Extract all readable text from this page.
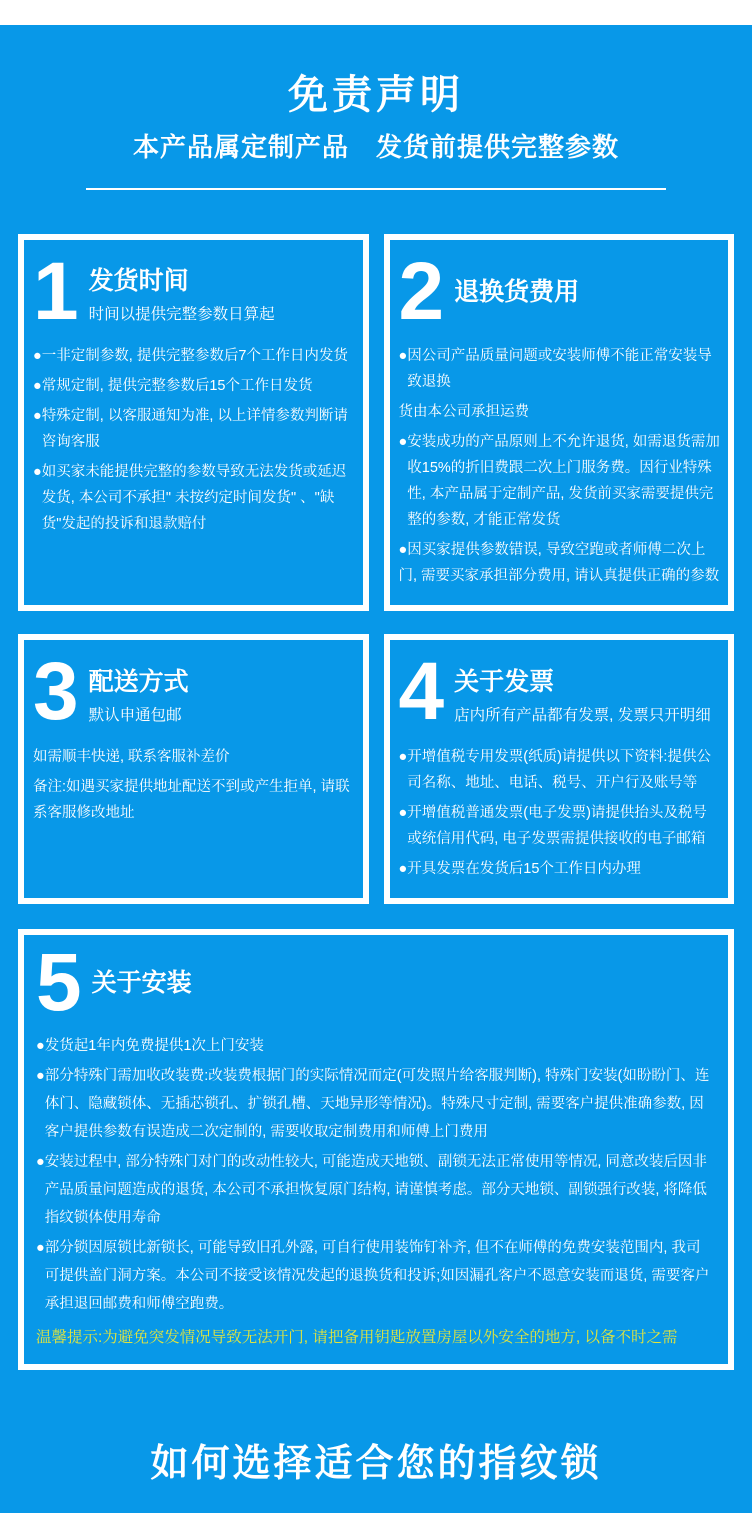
免责声明
本产品属定制产品　发货前提供完整参数
1 发货时间
时间以提供完整参数日算起
● 一非定制参数, 提供完整参数后7个工作日内发货
● 常规定制, 提供完整参数后15个工作日发货
● 特殊定制, 以客服通知为准, 以上详情参数判断请咨询客服
● 如买家未能提供完整的参数导致无法发货或延迟发货, 本公司不承担" 未按约定时间发货" 、"缺货"发起的投诉和退款赔付
2 退换货费用
● 因公司产品质量问题或安装师傅不能正常安装导致退换
货由本公司承担运费
● 安装成功的产品原则上不允许退货, 如需退货需加收15%的折旧费跟二次上门服务费。因行业特殊性, 本产品属于定制产品, 发货前买家需要提供完整的参数, 才能正常发货
●因买家提供参数错误, 导致空跑或者师傅二次上门, 需要买家承担部分费用, 请认真提供正确的参数
3 配送方式
默认申通包邮
如需顺丰快递, 联系客服补差价
备注:如遇买家提供地址配送不到或产生拒单, 请联系客服修改地址
4 关于发票
店内所有产品都有发票, 发票只开明细
● 开增值税专用发票(纸质)请提供以下资料:提供公司名称、地址、电话、税号、开户行及账号等
● 开增值税普通发票(电子发票)请提供抬头及税号或统信用代码, 电子发票需提供接收的电子邮箱
● 开具发票在发货后15个工作日内办理
5 关于安装
● 发货起1年内免费提供1次上门安装
● 部分特殊门需加收改装费:改装费根据门的实际情况而定(可发照片给客服判断), 特殊门安装(如盼盼门、连体门、隐藏锁体、无插芯锁孔、扩锁孔槽、天地异形等情况)。特殊尺寸定制, 需要客户提供准确参数, 因客户提供参数有误造成二次定制的, 需要收取定制费用和师傅上门费用
● 安装过程中, 部分特殊门对门的改动性较大, 可能造成天地锁、副锁无法正常使用等情况, 同意改装后因非产品质量问题造成的退货, 本公司不承担恢复原门结构, 请谨慎考虑。部分天地锁、副锁强行改装, 将降低指纹锁体使用寿命
● 部分锁因原锁比新锁长, 可能导致旧孔外露, 可自行使用装饰钉补齐, 但不在师傅的免费安装范围内, 我司可提供盖门洞方案。本公司不接受该情况发起的退换货和投诉;如因漏孔客户不恩意安装而退货, 需要客户承担退回邮费和师傅空跑费。
温馨提示:为避免突发情况导致无法开门, 请把备用钥匙放置房屋以外安全的地方, 以备不时之需
如何选择适合您的指纹锁
